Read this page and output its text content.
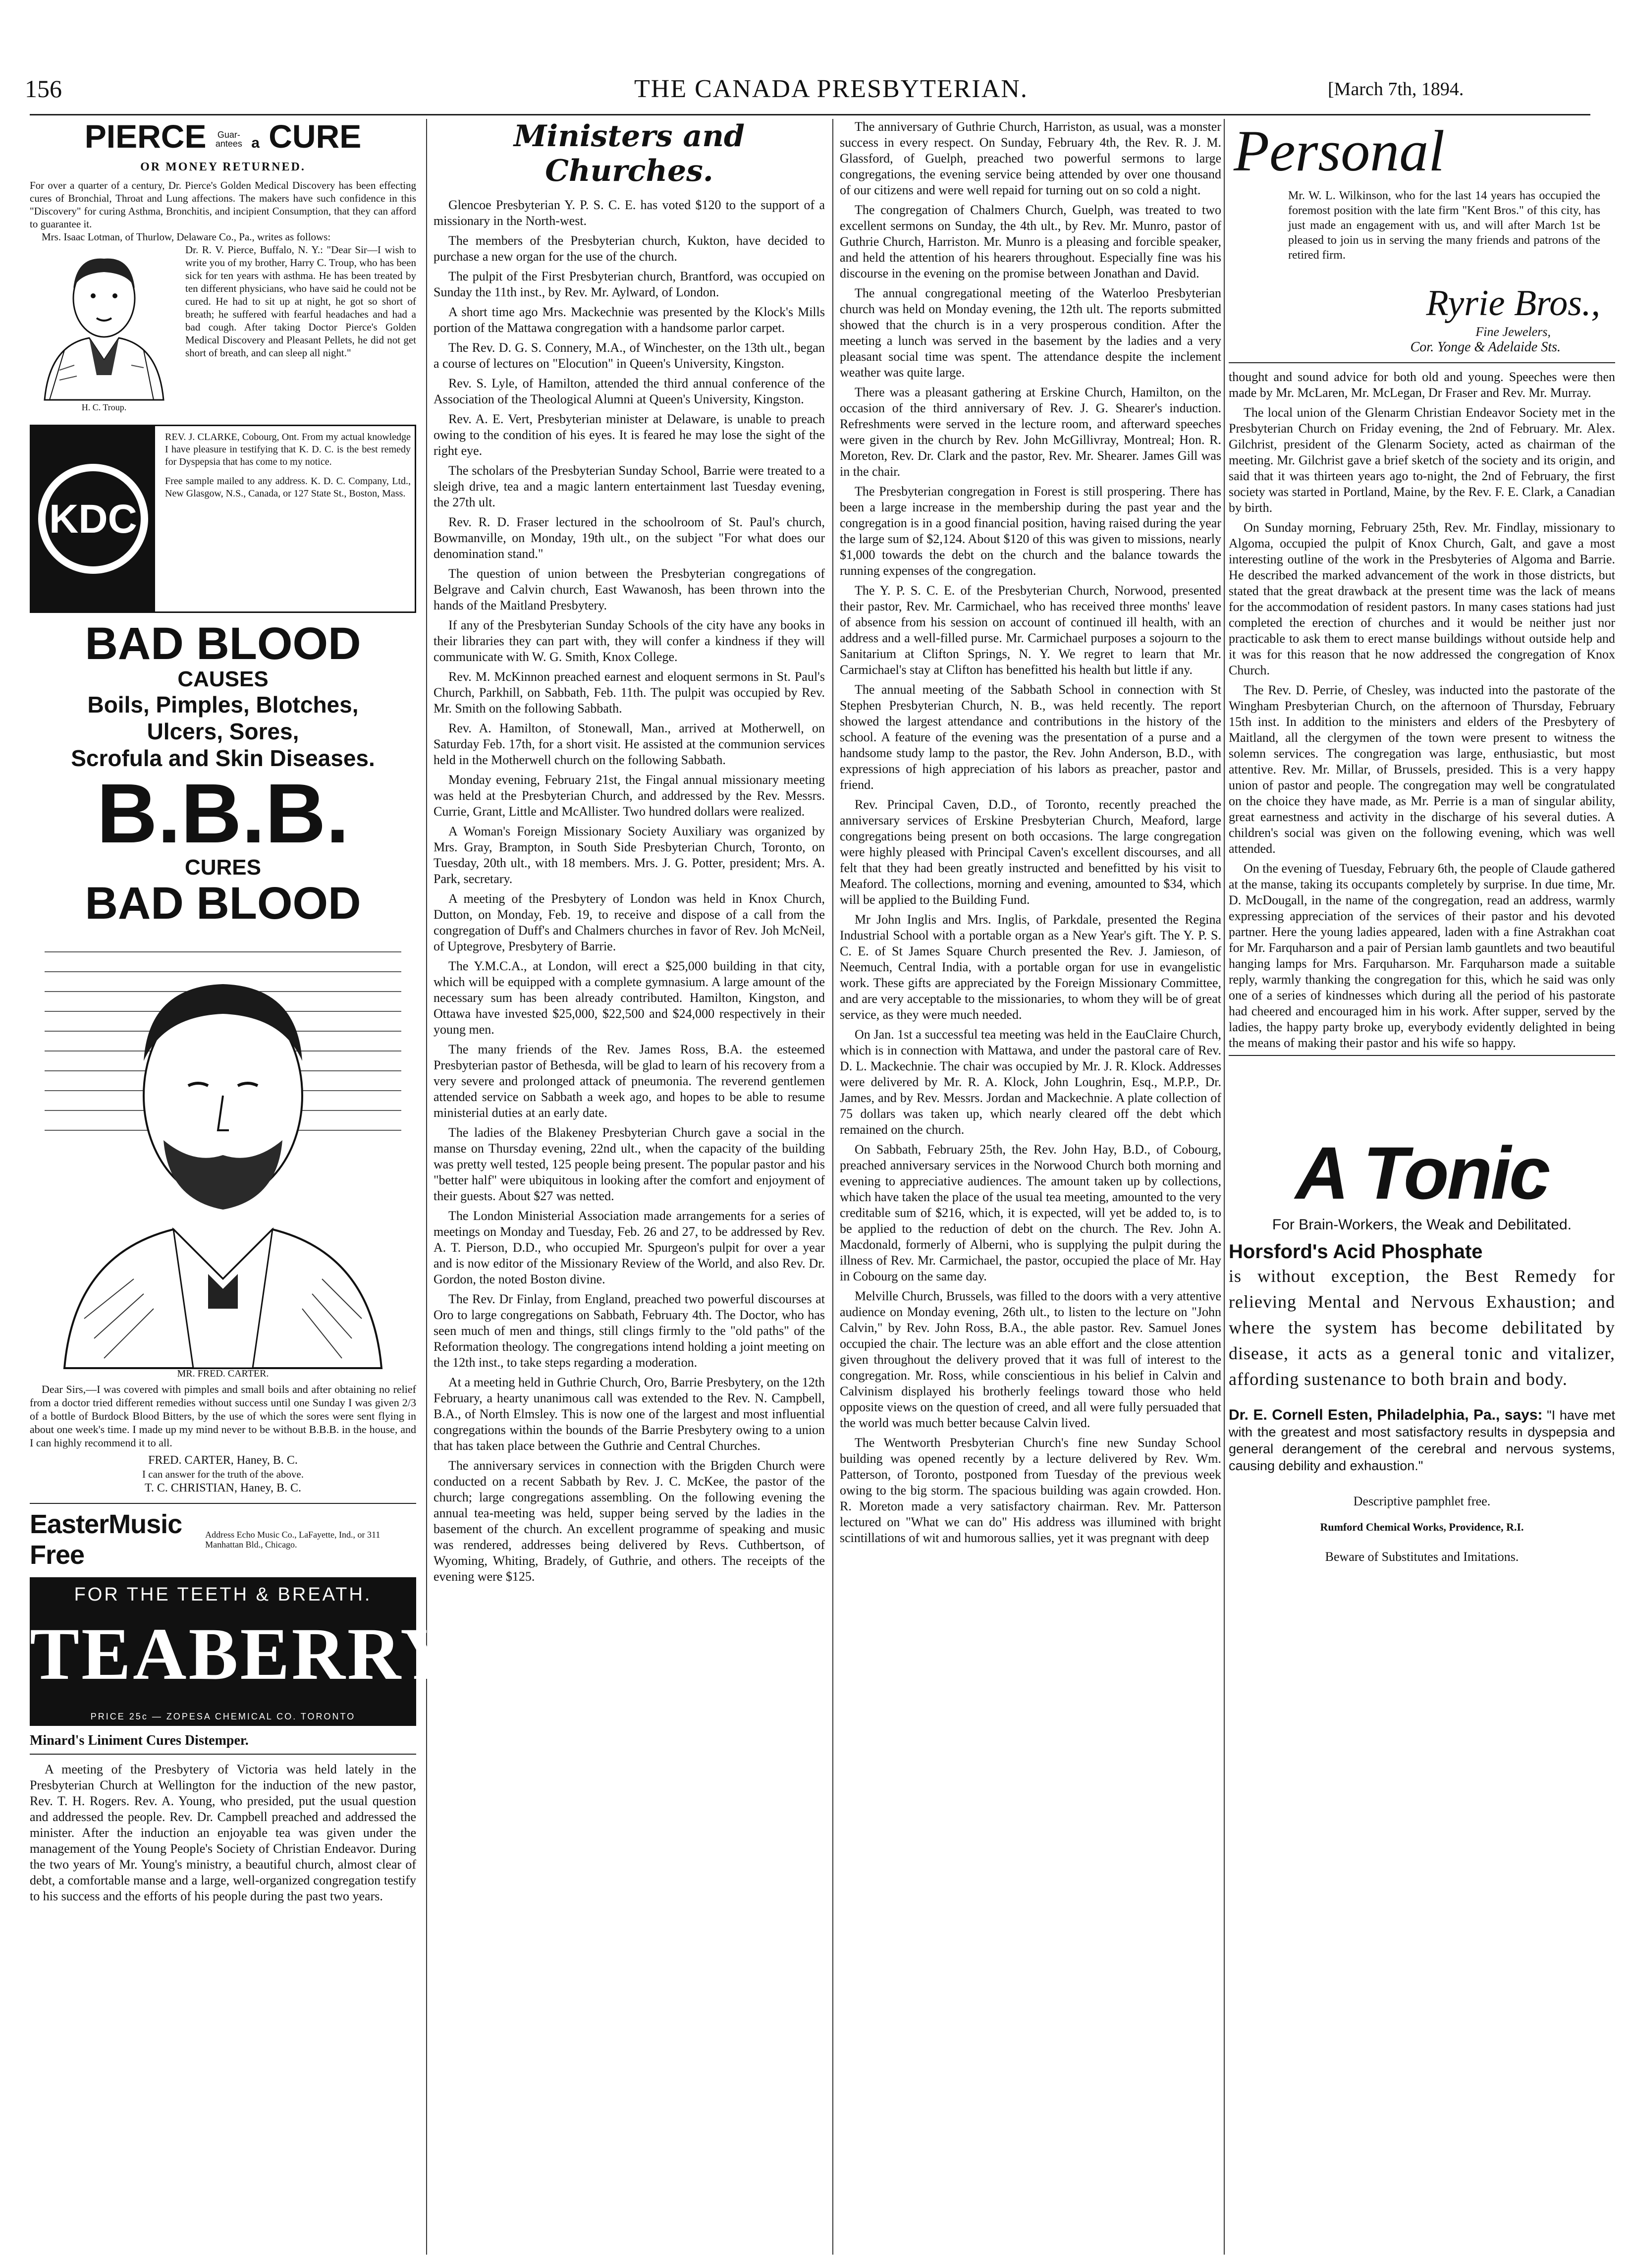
156	THE CANADA PRESBYTERIAN.	[March 7th, 1894.
PIERCE Guar-
antees a CURE
OR MONEY RETURNED.

For over a quarter of a century, Dr. Pierce's Golden Medical Discovery has been effecting cures of Bronchial, Throat and Lung affections. The makers have such confidence in this "Discovery" for curing Asthma, Bronchitis, and incipient Consumption, that they can afford to guarantee it.

Mrs. Isaac Lotman, of Thurlow, Delaware Co., Pa., writes as follows:

H. C. Troup.

Dr. R. V. Pierce, Buffalo, N. Y.: "Dear Sir—I wish to write you of my brother, Harry C. Troup, who has been sick for ten years with asthma. He has been treated by ten different physicians, who have said he could not be cured. He had to sit up at night, he got so short of breath; he suffered with fearful headaches and had a bad cough. After taking Doctor Pierce's Golden Medical Discovery and Pleasant Pellets, he did not get short of breath, and can sleep all night."

KDC

REV. J. CLARKE, Cobourg, Ont. From my actual knowledge I have pleasure in testifying that K. D. C. is the best remedy for Dyspepsia that has come to my notice.

Free sample mailed to any address. K. D. C. Company, Ltd., New Glasgow, N.S., Canada, or 127 State St., Boston, Mass.

BAD BLOOD
CAUSES
Boils, Pimples, Blotches,
Ulcers, Sores,
Scrofula and Skin Diseases.
B.B.B.
CURES
BAD BLOOD
MR. FRED. CARTER.

Dear Sirs,—I was covered with pimples and small boils and after obtaining no relief from a doctor tried different remedies without success until one Sunday I was given 2/3 of a bottle of Burdock Blood Bitters, by the use of which the sores were sent flying in about one week's time. I made up my mind never to be without B.B.B. in the house, and I can highly recommend it to all.

FRED. CARTER, Haney, B. C.
I can answer for the truth of the above.
T. C. CHRISTIAN, Haney, B. C.
EasterMusic Free
Address Echo Music Co., LaFayette, Ind., or 311 Manhattan Bld., Chicago.
FOR THE TEETH & BREATH.
TEABERRY.
PRICE 25c — ZOPESA CHEMICAL CO. TORONTO
Minard's Liniment Cures Distemper.

A meeting of the Presbytery of Victoria was held lately in the Presbyterian Church at Wellington for the induction of the new pastor, Rev. T. H. Rogers. Rev. A. Young, who presided, put the usual question and addressed the people. Rev. Dr. Campbell preached and addressed the minister. After the induction an enjoyable tea was given under the management of the Young People's Society of Christian Endeavor. During the two years of Mr. Young's ministry, a beautiful church, almost clear of debt, a comfortable manse and a large, well-organized congregation testify to his success and the efforts of his people during the past two years.

Ministers and Churches.

Glencoe Presbyterian Y. P. S. C. E. has voted $120 to the support of a missionary in the North-west.

The members of the Presbyterian church, Kukton, have decided to purchase a new organ for the use of the church.

The pulpit of the First Presbyterian church, Brantford, was occupied on Sunday the 11th inst., by Rev. Mr. Aylward, of London.

A short time ago Mrs. Mackechnie was presented by the Klock's Mills portion of the Mattawa congregation with a handsome parlor carpet.

The Rev. D. G. S. Connery, M.A., of Winchester, on the 13th ult., began a course of lectures on "Elocution" in Queen's University, Kingston.

Rev. S. Lyle, of Hamilton, attended the third annual conference of the Association of the Theological Alumni at Queen's University, Kingston.

Rev. A. E. Vert, Presbyterian minister at Delaware, is unable to preach owing to the condition of his eyes. It is feared he may lose the sight of the right eye.

The scholars of the Presbyterian Sunday School, Barrie were treated to a sleigh drive, tea and a magic lantern entertainment last Tuesday evening, the 27th ult.

Rev. R. D. Fraser lectured in the schoolroom of St. Paul's church, Bowmanville, on Monday, 19th ult., on the subject "For what does our denomination stand."

The question of union between the Presbyterian congregations of Belgrave and Calvin church, East Wawanosh, has been thrown into the hands of the Maitland Presbytery.

If any of the Presbyterian Sunday Schools of the city have any books in their libraries they can part with, they will confer a kindness if they will communicate with W. G. Smith, Knox College.

Rev. M. McKinnon preached earnest and eloquent sermons in St. Paul's Church, Parkhill, on Sabbath, Feb. 11th. The pulpit was occupied by Rev. Mr. Smith on the following Sabbath.

Rev. A. Hamilton, of Stonewall, Man., arrived at Motherwell, on Saturday Feb. 17th, for a short visit. He assisted at the communion services held in the Motherwell church on the following Sabbath.

Monday evening, February 21st, the Fingal annual missionary meeting was held at the Presbyterian Church, and addressed by the Rev. Messrs. Currie, Grant, Little and McAllister. Two hundred dollars were realized.

A Woman's Foreign Missionary Society Auxiliary was organized by Mrs. Gray, Brampton, in South Side Presbyterian Church, Toronto, on Tuesday, 20th ult., with 18 members. Mrs. J. G. Potter, president; Mrs. A. Park, secretary.

A meeting of the Presbytery of London was held in Knox Church, Dutton, on Monday, Feb. 19, to receive and dispose of a call from the congregation of Duff's and Chalmers churches in favor of Rev. Joh McNeil, of Uptegrove, Presbytery of Barrie.

The Y.M.C.A., at London, will erect a $25,000 building in that city, which will be equipped with a complete gymnasium. A large amount of the necessary sum has been already contributed. Hamilton, Kingston, and Ottawa have invested $25,000, $22,500 and $24,000 respectively in their young men.

The many friends of the Rev. James Ross, B.A. the esteemed Presbyterian pastor of Bethesda, will be glad to learn of his recovery from a very severe and prolonged attack of pneumonia. The reverend gentlemen attended service on Sabbath a week ago, and hopes to be able to resume ministerial duties at an early date.

The ladies of the Blakeney Presbyterian Church gave a social in the manse on Thursday evening, 22nd ult., when the capacity of the building was pretty well tested, 125 people being present. The popular pastor and his "better half" were ubiquitous in looking after the comfort and enjoyment of their guests. About $27 was netted.

The London Ministerial Association made arrangements for a series of meetings on Monday and Tuesday, Feb. 26 and 27, to be addressed by Rev. A. T. Pierson, D.D., who occupied Mr. Spurgeon's pulpit for over a year and is now editor of the Missionary Review of the World, and also Rev. Dr. Gordon, the noted Boston divine.

The Rev. Dr Finlay, from England, preached two powerful discourses at Oro to large congregations on Sabbath, February 4th. The Doctor, who has seen much of men and things, still clings firmly to the "old paths" of the Reformation theology. The congregations intend holding a joint meeting on the 12th inst., to take steps regarding a moderation.

At a meeting held in Guthrie Church, Oro, Barrie Presbytery, on the 12th February, a hearty unanimous call was extended to the Rev. N. Campbell, B.A., of North Elmsley. This is now one of the largest and most influential congregations within the bounds of the Barrie Presbytery owing to a union that has taken place between the Guthrie and Central Churches.

The anniversary services in connection with the Brigden Church were conducted on a recent Sabbath by Rev. J. C. McKee, the pastor of the church; large congregations assembling. On the following evening the annual tea-meeting was held, supper being served by the ladies in the basement of the church. An excellent programme of speaking and music was rendered, addresses being delivered by Revs. Cuthbertson, of Wyoming, Whiting, Bradely, of Guthrie, and others. The receipts of the evening were $125.

The anniversary of Guthrie Church, Harriston, as usual, was a monster success in every respect. On Sunday, February 4th, the Rev. R. J. M. Glassford, of Guelph, preached two powerful sermons to large congregations, the evening service being attended by over one thousand of our citizens and were well repaid for turning out on so cold a night.

The congregation of Chalmers Church, Guelph, was treated to two excellent sermons on Sunday, the 4th ult., by Rev. Mr. Munro, pastor of Guthrie Church, Harriston. Mr. Munro is a pleasing and forcible speaker, and held the attention of his hearers throughout. Especially fine was his discourse in the evening on the promise between Jonathan and David.

The annual congregational meeting of the Waterloo Presbyterian church was held on Monday evening, the 12th ult. The reports submitted showed that the church is in a very prosperous condition. After the meeting a lunch was served in the basement by the ladies and a very pleasant social time was spent. The attendance despite the inclement weather was quite large.

There was a pleasant gathering at Erskine Church, Hamilton, on the occasion of the third anniversary of Rev. J. G. Shearer's induction. Refreshments were served in the lecture room, and afterward speeches were given in the church by Rev. John McGillivray, Montreal; Hon. R. Moreton, Rev. Dr. Clark and the pastor, Rev. Mr. Shearer. James Gill was in the chair.

The Presbyterian congregation in Forest is still prospering. There has been a large increase in the membership during the past year and the congregation is in a good financial position, having raised during the year the large sum of $2,124. About $120 of this was given to missions, nearly $1,000 towards the debt on the church and the balance towards the running expenses of the congregation.

The Y. P. S. C. E. of the Presbyterian Church, Norwood, presented their pastor, Rev. Mr. Carmichael, who has received three months' leave of absence from his session on account of continued ill health, with an address and a well-filled purse. Mr. Carmichael purposes a sojourn to the Sanitarium at Clifton Springs, N. Y. We regret to learn that Mr. Carmichael's stay at Clifton has benefitted his health but little if any.

The annual meeting of the Sabbath School in connection with St Stephen Presbyterian Church, N. B., was held recently. The report showed the largest attendance and contributions in the history of the school. A feature of the evening was the presentation of a purse and a handsome study lamp to the pastor, the Rev. John Anderson, B.D., with expressions of high appreciation of his labors as preacher, pastor and friend.

Rev. Principal Caven, D.D., of Toronto, recently preached the anniversary services of Erskine Presbyterian Church, Meaford, large congregations being present on both occasions. The large congregation were highly pleased with Principal Caven's excellent discourses, and all felt that they had been greatly instructed and benefitted by his visit to Meaford. The collections, morning and evening, amounted to $34, which will be applied to the Building Fund.

Mr John Inglis and Mrs. Inglis, of Parkdale, presented the Regina Industrial School with a portable organ as a New Year's gift. The Y. P. S. C. E. of St James Square Church presented the Rev. J. Jamieson, of Neemuch, Central India, with a portable organ for use in evangelistic work. These gifts are appreciated by the Foreign Missionary Committee, and are very acceptable to the missionaries, to whom they will be of great service, as they were much needed.

On Jan. 1st a successful tea meeting was held in the EauClaire Church, which is in connection with Mattawa, and under the pastoral care of Rev. D. L. Mackechnie. The chair was occupied by Mr. J. R. Klock. Addresses were delivered by Mr. R. A. Klock, John Loughrin, Esq., M.P.P., Dr. James, and by Rev. Messrs. Jordan and Mackechnie. A plate collection of 75 dollars was taken up, which nearly cleared off the debt which remained on the church.

On Sabbath, February 25th, the Rev. John Hay, B.D., of Cobourg, preached anniversary services in the Norwood Church both morning and evening to appreciative audiences. The amount taken up by collections, which have taken the place of the usual tea meeting, amounted to the very creditable sum of $216, which, it is expected, will yet be added to, is to be applied to the reduction of debt on the church. The Rev. John A. Macdonald, formerly of Alberni, who is supplying the pulpit during the illness of Rev. Mr. Carmichael, the pastor, occupied the place of Mr. Hay in Cobourg on the same day.

Melville Church, Brussels, was filled to the doors with a very attentive audience on Monday evening, 26th ult., to listen to the lecture on "John Calvin," by Rev. John Ross, B.A., the able pastor. Rev. Samuel Jones occupied the chair. The lecture was an able effort and the close attention given throughout the delivery proved that it was full of interest to the congregation. Mr. Ross, while conscientious in his belief in Calvin and Calvinism displayed his brotherly feelings toward those who held opposite views on the question of creed, and all were fully persuaded that the world was much better because Calvin lived.

The Wentworth Presbyterian Church's fine new Sunday School building was opened recently by a lecture delivered by Rev. Wm. Patterson, of Toronto, postponed from Tuesday of the previous week owing to the big storm. The spacious building was again crowded. Hon. R. Moreton made a very satisfactory chairman. Rev. Mr. Patterson lectured on "What we can do" His address was illumined with bright scintillations of wit and humorous sallies, yet it was pregnant with deep

Personal

Mr. W. L. Wilkinson, who for the last 14 years has occupied the foremost position with the late firm "Kent Bros." of this city, has just made an engagement with us, and will after March 1st be pleased to join us in serving the many friends and patrons of the retired firm.

Ryrie Bros.,
Fine Jewelers,
Cor. Yonge & Adelaide Sts.

thought and sound advice for both old and young. Speeches were then made by Mr. McLaren, Mr. McLegan, Dr Fraser and Rev. Mr. Murray.

The local union of the Glenarm Christian Endeavor Society met in the Presbyterian Church on Friday evening, the 2nd of February. Mr. Alex. Gilchrist, president of the Glenarm Society, acted as chairman of the meeting. Mr. Gilchrist gave a brief sketch of the society and its origin, and said that it was thirteen years ago to-night, the 2nd of February, the first society was started in Portland, Maine, by the Rev. F. E. Clark, a Canadian by birth.

On Sunday morning, February 25th, Rev. Mr. Findlay, missionary to Algoma, occupied the pulpit of Knox Church, Galt, and gave a most interesting outline of the work in the Presbyteries of Algoma and Barrie. He described the marked advancement of the work in those districts, but stated that the great drawback at the present time was the lack of means for the accommodation of resident pastors. In many cases stations had just completed the erection of churches and it would be neither just nor practicable to ask them to erect manse buildings without outside help and it was for this reason that he now addressed the congregation of Knox Church.

The Rev. D. Perrie, of Chesley, was inducted into the pastorate of the Wingham Presbyterian Church, on the afternoon of Thursday, February 15th inst. In addition to the ministers and elders of the Presbytery of Maitland, all the clergymen of the town were present to witness the solemn services. The congregation was large, enthusiastic, but most attentive. Rev. Mr. Millar, of Brussels, presided. This is a very happy union of pastor and people. The congregation may well be congratulated on the choice they have made, as Mr. Perrie is a man of singular ability, great earnestness and activity in the discharge of his several duties. A children's social was given on the following evening, which was well attended.

On the evening of Tuesday, February 6th, the people of Claude gathered at the manse, taking its occupants completely by surprise. In due time, Mr. D. McDougall, in the name of the congregation, read an address, warmly expressing appreciation of the services of their pastor and his devoted partner. Here the young ladies appeared, laden with a fine Astrakhan coat for Mr. Farquharson and a pair of Persian lamb gauntlets and two beautiful hanging lamps for Mrs. Farquharson. Mr. Farquharson made a suitable reply, warmly thanking the congregation for this, which he said was only one of a series of kindnesses which during all the period of his pastorate had cheered and encouraged him in his work. After supper, served by the ladies, the happy party broke up, everybody evidently delighted in being the means of making their pastor and his wife so happy.

A Tonic
For Brain-Workers, the Weak and Debilitated.
Horsford's Acid Phosphate

is without exception, the Best Remedy for relieving Mental and Nervous Exhaustion; and where the system has become debilitated by disease, it acts as a general tonic and vitalizer, affording sustenance to both brain and body.

Dr. E. Cornell Esten, Philadelphia, Pa., says: "I have met with the greatest and most satisfactory results in dyspepsia and general derangement of the cerebral and nervous systems, causing debility and exhaustion."

Descriptive pamphlet free.
Rumford Chemical Works, Providence, R.I.
Beware of Substitutes and Imitations.
